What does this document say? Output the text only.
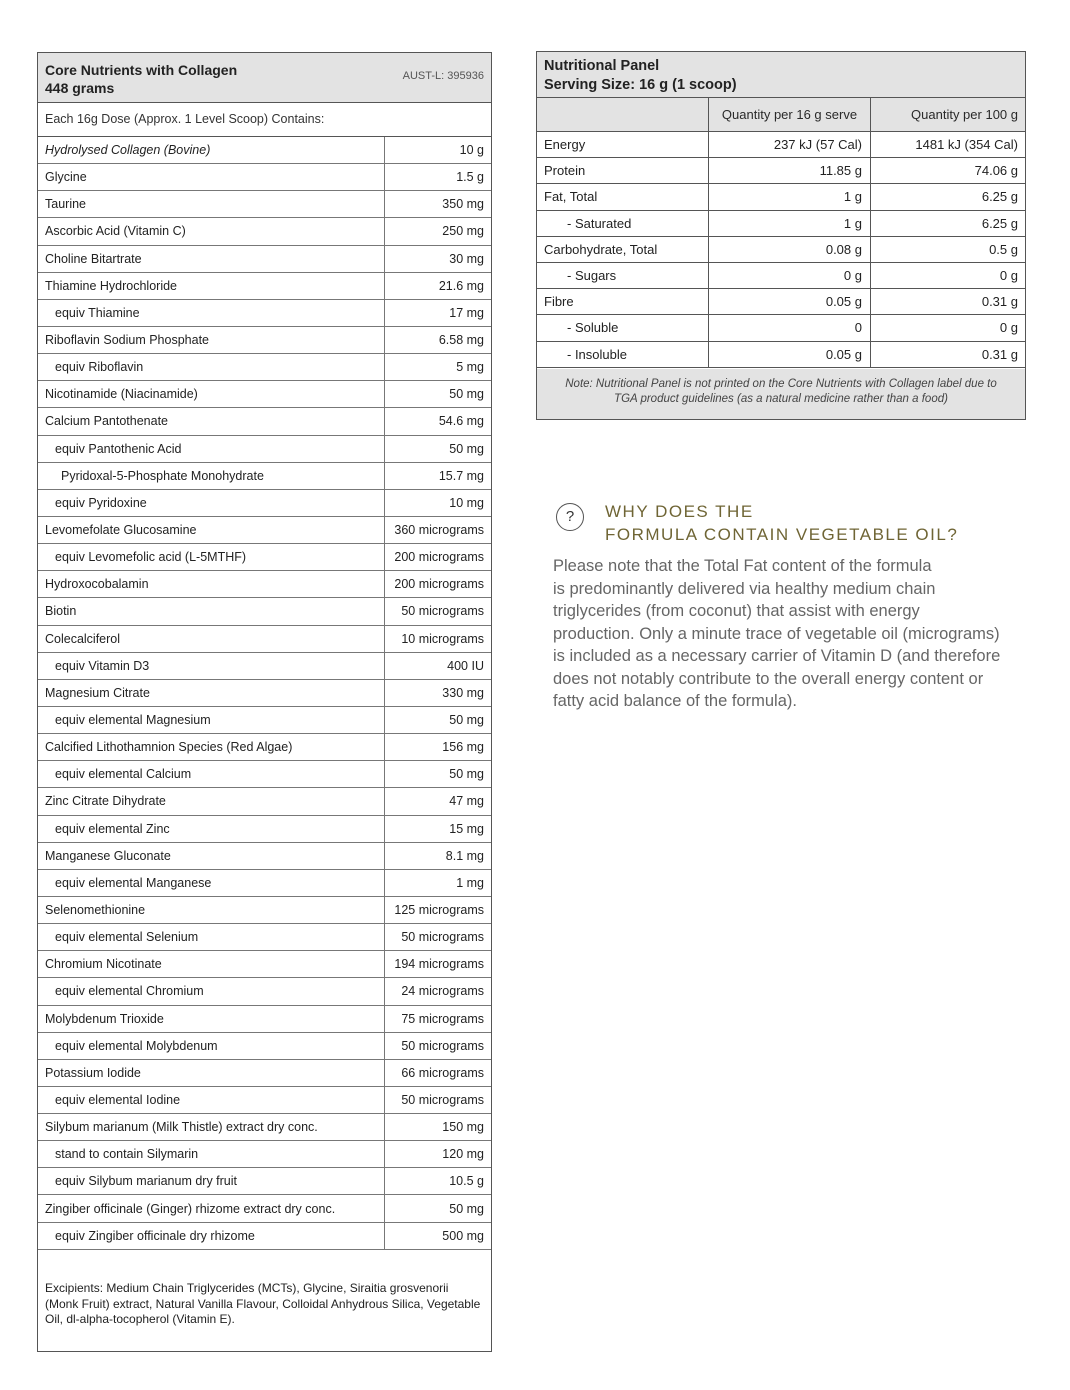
Core Nutrients with Collagen
448 grams
AUST-L: 395936
Each 16g Dose (Approx. 1 Level Scoop) Contains:
Hydrolysed Collagen (Bovine)	10 g
Glycine	1.5 g
Taurine	350 mg
Ascorbic Acid (Vitamin C)	250 mg
Choline Bitartrate	30 mg
Thiamine Hydrochloride	21.6 mg
equiv Thiamine	17 mg
Riboflavin Sodium Phosphate	6.58 mg
equiv Riboflavin	5 mg
Nicotinamide (Niacinamide)	50 mg
Calcium Pantothenate	54.6 mg
equiv Pantothenic Acid	50 mg
Pyridoxal-5-Phosphate Monohydrate	15.7 mg
equiv Pyridoxine	10 mg
Levomefolate Glucosamine	360 micrograms
equiv Levomefolic acid (L-5MTHF)	200 micrograms
Hydroxocobalamin	200 micrograms
Biotin	50 micrograms
Colecalciferol	10 micrograms
equiv Vitamin D3	400 IU
Magnesium Citrate	330 mg
equiv elemental Magnesium	50 mg
Calcified Lithothamnion Species (Red Algae)	156 mg
equiv elemental Calcium	50 mg
Zinc Citrate Dihydrate	47 mg
equiv elemental Zinc	15 mg
Manganese Gluconate	8.1 mg
equiv elemental Manganese	1 mg
Selenomethionine	125 micrograms
equiv elemental Selenium	50 micrograms
Chromium Nicotinate	194 micrograms
equiv elemental Chromium	24 micrograms
Molybdenum Trioxide	75 micrograms
equiv elemental Molybdenum	50 micrograms
Potassium Iodide	66 micrograms
equiv elemental Iodine	50 micrograms
Silybum marianum (Milk Thistle) extract dry conc.	150 mg
stand to contain Silymarin	120 mg
equiv Silybum marianum dry fruit	10.5 g
Zingiber officinale (Ginger) rhizome extract dry conc.	50 mg
equiv Zingiber officinale dry rhizome	500 mg
Excipients: Medium Chain Triglycerides (MCTs), Glycine, Siraitia grosvenorii (Monk Fruit) extract, Natural Vanilla Flavour, Colloidal Anhydrous Silica, Vegetable Oil, dl-alpha-tocopherol (Vitamin E).
Nutritional Panel
Serving Size: 16 g (1 scoop)
Quantity per 16 g serve	Quantity per 100 g
Energy	237 kJ (57 Cal)	1481 kJ (354 Cal)
Protein	11.85 g	74.06 g
Fat, Total	1 g	6.25 g
- Saturated	1 g	6.25 g
Carbohydrate, Total	0.08 g	0.5 g
- Sugars	0 g	0 g
Fibre	0.05 g	0.31 g
- Soluble	0	0 g
- Insoluble	0.05 g	0.31 g
Note: Nutritional Panel is not printed on the Core Nutrients with Collagen label due to
TGA product guidelines (as a natural medicine rather than a food)
?	WHY DOES THE
FORMULA CONTAIN VEGETABLE OIL?
Please note that the Total Fat content of the formula
is predominantly delivered via healthy medium chain
triglycerides (from coconut) that assist with energy
production. Only a minute trace of vegetable oil (micrograms)
is included as a necessary carrier of Vitamin D (and therefore
does not notably contribute to the overall energy content or
fatty acid balance of the formula).
